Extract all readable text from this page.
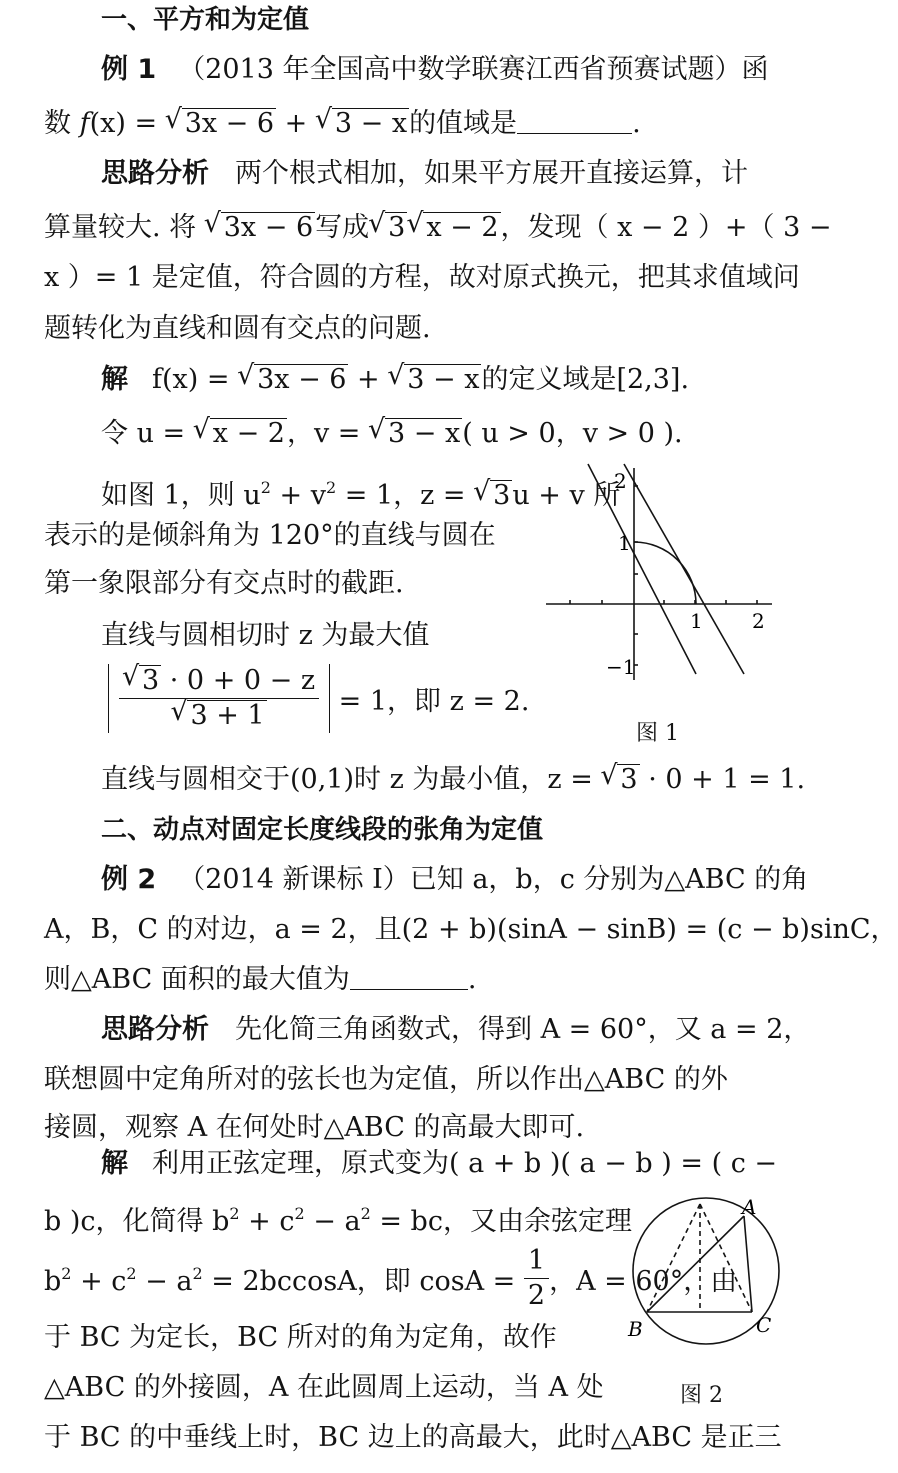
一、平方和为定值
例 1 （2013 年全国高中数学联赛江西省预赛试题）函
数 f(x) = √ 3x − 6 + √ 3 − x的值域是	.
思路分析 两个根式相加，如果平方展开直接运算，计
算量较大. 将 √ 3x − 6写成 √ 3 √ x − 2，发现（ x − 2 ）+（ 3 −
x ）= 1 是定值，符合圆的方程，故对原式换元，把其求值域问
题转化为直线和圆有交点的问题.
解 f(x) = √ 3x − 6 + √ 3 − x的定义域是[2,3].
令 u = √ x − 2，v = √ 3 − x( u > 0，v > 0 ).
如图 1，则 $u^2 + v^2 = 1$，z = √ 3u + v 所
表示的是倾斜角为 120°的直线与圆在
第一象限部分有交点时的截距.
直线与圆相切时 z 为最大值
√ 3 · 0 + 0 − z
√ 3 + 1 = 1，即 z = 2.
直线与圆相交于(0,1)时 z 为最小值，z = √ 3 · 0 + 1 = 1.
2
1
1 2
−1
图 1
二、动点对固定长度线段的张角为定值
例 2 （2014 新课标 Ⅰ）已知 a，b，c 分别为△ABC 的角
A，B，C 的对边，a = 2，且(2 + b)(sinA − sinB) = (c − b)sinC，
则△ABC 面积的最大值为	.
思路分析 先化简三角函数式，得到 A = 60°，又 a = 2，
联想圆中定角所对的弦长也为定值，所以作出△ABC 的外
接圆，观察 A 在何处时△ABC 的高最大即可.
解 利用正弦定理，原式变为( a + b )( a − b ) = ( c −
b )c，化简得 $b^2 + c^2 - a^2$ = bc，又由余弦定理
$b^2 + c^2 - a^2 = 2bccosA$，即 $\cos A = \frac{1}{2}$ ，A = 60°，由
于 BC 为定长，BC 所对的角为定角，故作
△ABC 的外接圆，A 在此圆周上运动，当 A 处
于 BC 的中垂线上时，BC 边上的高最大，此时△ABC 是正三
A
B	C
图 2
